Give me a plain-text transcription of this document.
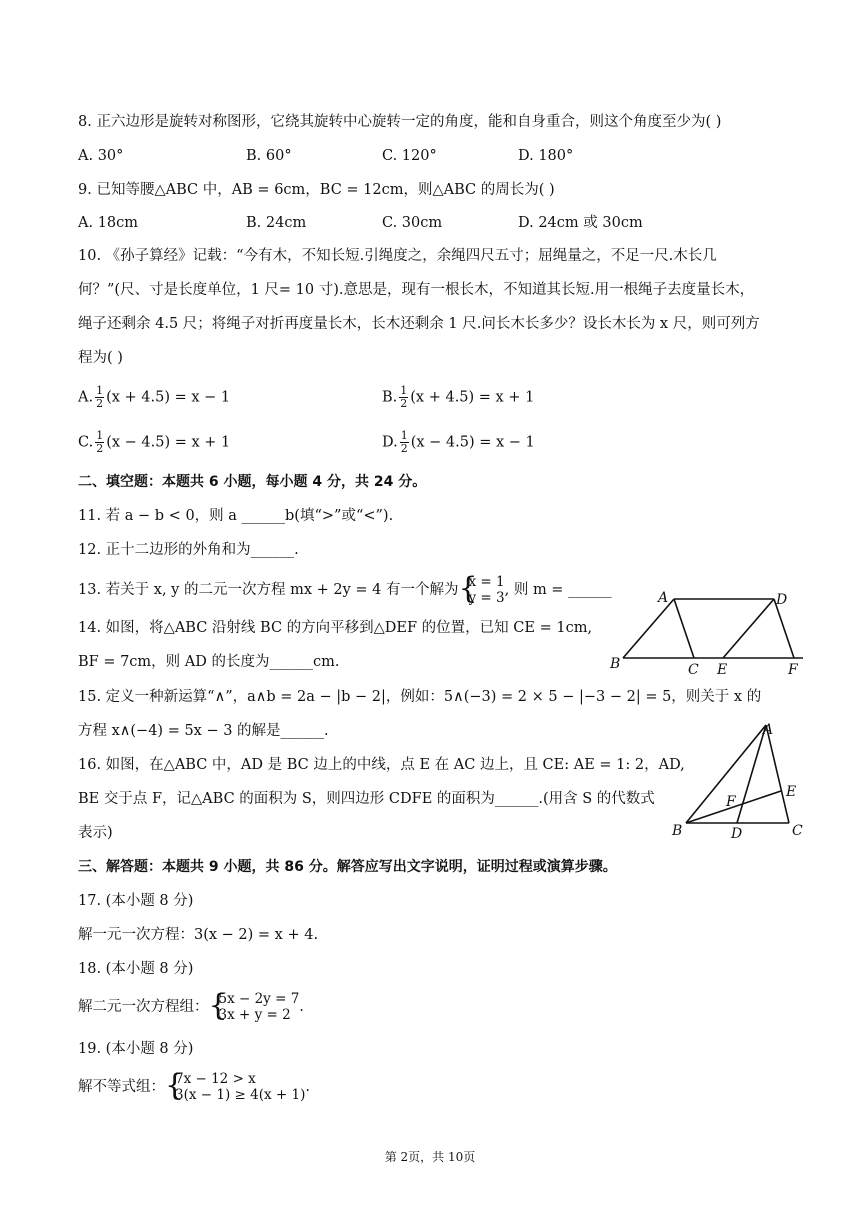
8. 正六边形是旋转对称图形，它绕其旋转中心旋转一定的角度，能和自身重合，则这个角度至少为( )
A. 30°	B. 60°	C. 120°	D. 180°
9. 已知等腰△ABC 中，AB = 6cm，BC = 12cm，则△ABC 的周长为( )
A. 18cm	B. 24cm	C. 30cm	D. 24cm 或 30cm
10. 《孙子算经》记载：“今有木，不知长短.引绳度之，余绳四尺五寸；屈绳量之，不足一尺.木长几
何？”(尺、寸是长度单位，1 尺= 10 寸).意思是，现有一根长木，不知道其长短.用一根绳子去度量长木，
绳子还剩余 4.5 尺；将绳子对折再度量长木，长木还剩余 1 尺.问长木长多少？设长木长为 x 尺，则可列方
程为( )
A. $\frac{1}{2} (x + 4.5) = x - 1$	B. $\frac{1}{2} (x + 4.5) = x + 1$
C. $\frac{1}{2} (x - 4.5) = x + 1$	D. $\frac{1}{2} (x - 4.5) = x - 1$
二、填空题：本题共 6 小题，每小题 4 分，共 24 分。
11. 若 a − b < 0，则 a ______b(填“>”或“<”).
12. 正十二边形的外角和为______.
13. 若关于 x, y 的二元一次方程 mx + 2y = 4 有一个解为 { x = 1
y = 3 , 则 m = ______
14. 如图，将△ABC 沿射线 BC 的方向平移到△DEF 的位置，已知 CE = 1cm,
BF = 7cm，则 AD 的长度为______cm.
A	D
B	C E	F
15. 定义一种新运算“∧”，a∧b = 2a − |b − 2|，例如：5∧(−3) = 2 × 5 − |−3 − 2| = 5，则关于 x 的
方程 x∧(−4) = 5x − 3 的解是______.
16. 如图，在△ABC 中，AD 是 BC 边上的中线，点 E 在 AC 边上，且 CE: AE = 1: 2，AD,
BE 交于点 F，记△ABC 的面积为 S，则四边形 CDFE 的面积为______.(用含 S 的代数式
表示)
A
B	C
D
E
F
三、解答题：本题共 9 小题，共 86 分。解答应写出文字说明，证明过程或演算步骤。
17. (本小题 8 分)
解一元一次方程：3(x − 2) = x + 4.
18. (本小题 8 分)
解二元一次方程组： { 5x − 2y = 7
3x + y = 2 .
19. (本小题 8 分)
解不等式组： { 7x − 12 > x
3(x − 1) ≥ 4(x + 1) .
第 2页，共 10页
